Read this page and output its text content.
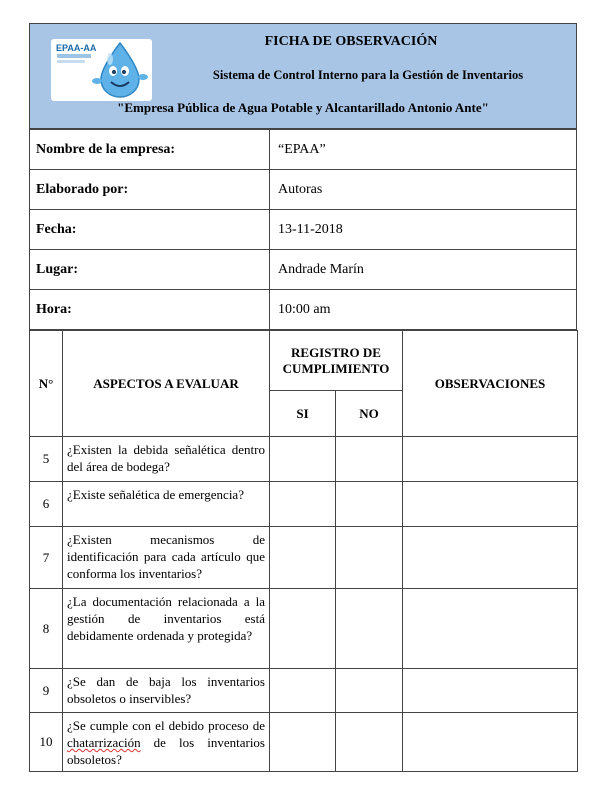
EPAA-AA	FICHA DE OBSERVACIÓN
Sistema de Control Interno para la Gestión de Inventarios
"Empresa Pública de Agua Potable y Alcantarillado Antonio Ante"
Nombre de la empresa:	“EPAA”
Elaborado por:	Autoras
Fecha:	13-11-2018
Lugar:	Andrade Marín
Hora:	10:00 am
N°	ASPECTOS A EVALUAR	REGISTRO DE CUMPLIMIENTO		OBSERVACIONES
		SI	NO	
5	¿Existen la debida señalética dentro del área de bodega?			
6	¿Existe señalética de emergencia?			
7	¿Existen mecanismos de identificación para cada artículo que conforma los inventarios?			
8	¿La documentación relacionada a la gestión de inventarios está debidamente ordenada y protegida?			
9	¿Se dan de baja los inventarios obsoletos o inservibles?			
10	¿Se cumple con el debido proceso de chatarrización de los inventarios obsoletos?			
